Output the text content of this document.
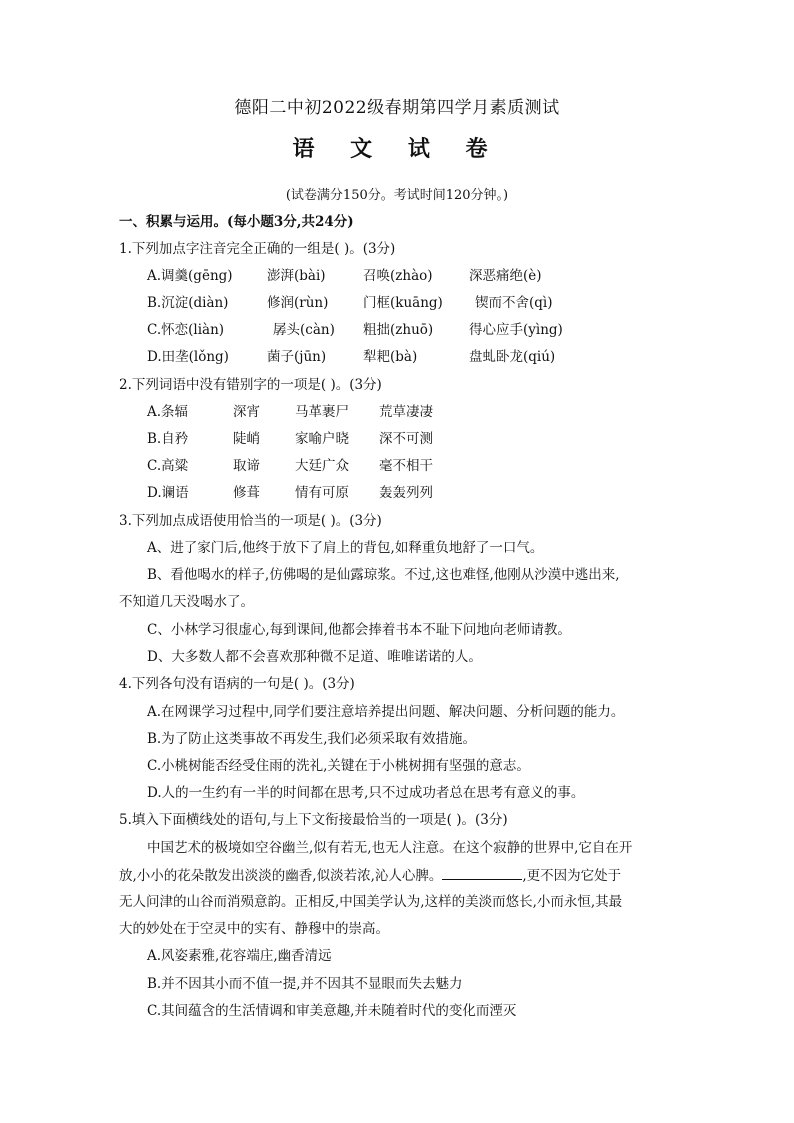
德阳二中初2022级春期第四学月素质测试
语 文 试 卷
(试卷满分150分。考试时间120分钟。)
一、积累与运用。(每小题3分,共24分)
1.下列加点字注音完全正确的一组是( )。(3分)
A.调羹(gēng)	澎湃(bài)	召唤(zhào)	深恶痛绝(è)
B.沉淀(diàn)	修润(rùn)	门框(kuāng) 锲而不舍(qì)
C.怀恋(liàn)	孱头(càn) 粗拙(zhuō)	得心应手(yìng)
D.田垄(lǒng)	菌子(jūn)	犁耙(bà)	盘虬卧龙(qiú)
2.下列词语中没有错别字的一项是( )。(3分)
A.条辐	深宵	马革裹尸 荒草凄凄
B.自矜	陡峭	家喻户晓 深不可测
C.高粱	取谛	大廷广众 毫不相干
D.谰语	修葺	情有可原 轰轰列列
3.下列加点成语使用恰当的一项是( )。(3分)
A、进了家门后,他终于放下了肩上的背包,如释重负地舒了一口气。
B、看他喝水的样子,仿佛喝的是仙露琼浆。不过,这也难怪,他刚从沙漠中逃出来,
不知道几天没喝水了。
C、小林学习很虚心,每到课间,他都会捧着书本不耻下问地向老师请教。
D、大多数人都不会喜欢那种微不足道、唯唯诺诺的人。
4.下列各句没有语病的一句是( )。(3分)
A.在网课学习过程中,同学们要注意培养提出问题、解决问题、分析问题的能力。
B.为了防止这类事故不再发生,我们必须采取有效措施。
C.小桃树能否经受住雨的洗礼,关键在于小桃树拥有坚强的意志。
D.人的一生约有一半的时间都在思考,只不过成功者总在思考有意义的事。
5.填入下面横线处的语句,与上下文衔接最恰当的一项是( )。(3分)
中国艺术的极境如空谷幽兰,似有若无,也无人注意。在这个寂静的世界中,它自在开
放,小小的花朵散发出淡淡的幽香,似淡若浓,沁人心脾。	,更不因为它处于
无人问津的山谷而消殒意韵。正相反,中国美学认为,这样的美淡而悠长,小而永恒,其最
大的妙处在于空灵中的实有、静穆中的崇高。
A.风姿素雅,花容端庄,幽香清远
B.并不因其小而不值一提,并不因其不显眼而失去魅力
C.其间蕴含的生活情调和审美意趣,并未随着时代的变化而湮灭
